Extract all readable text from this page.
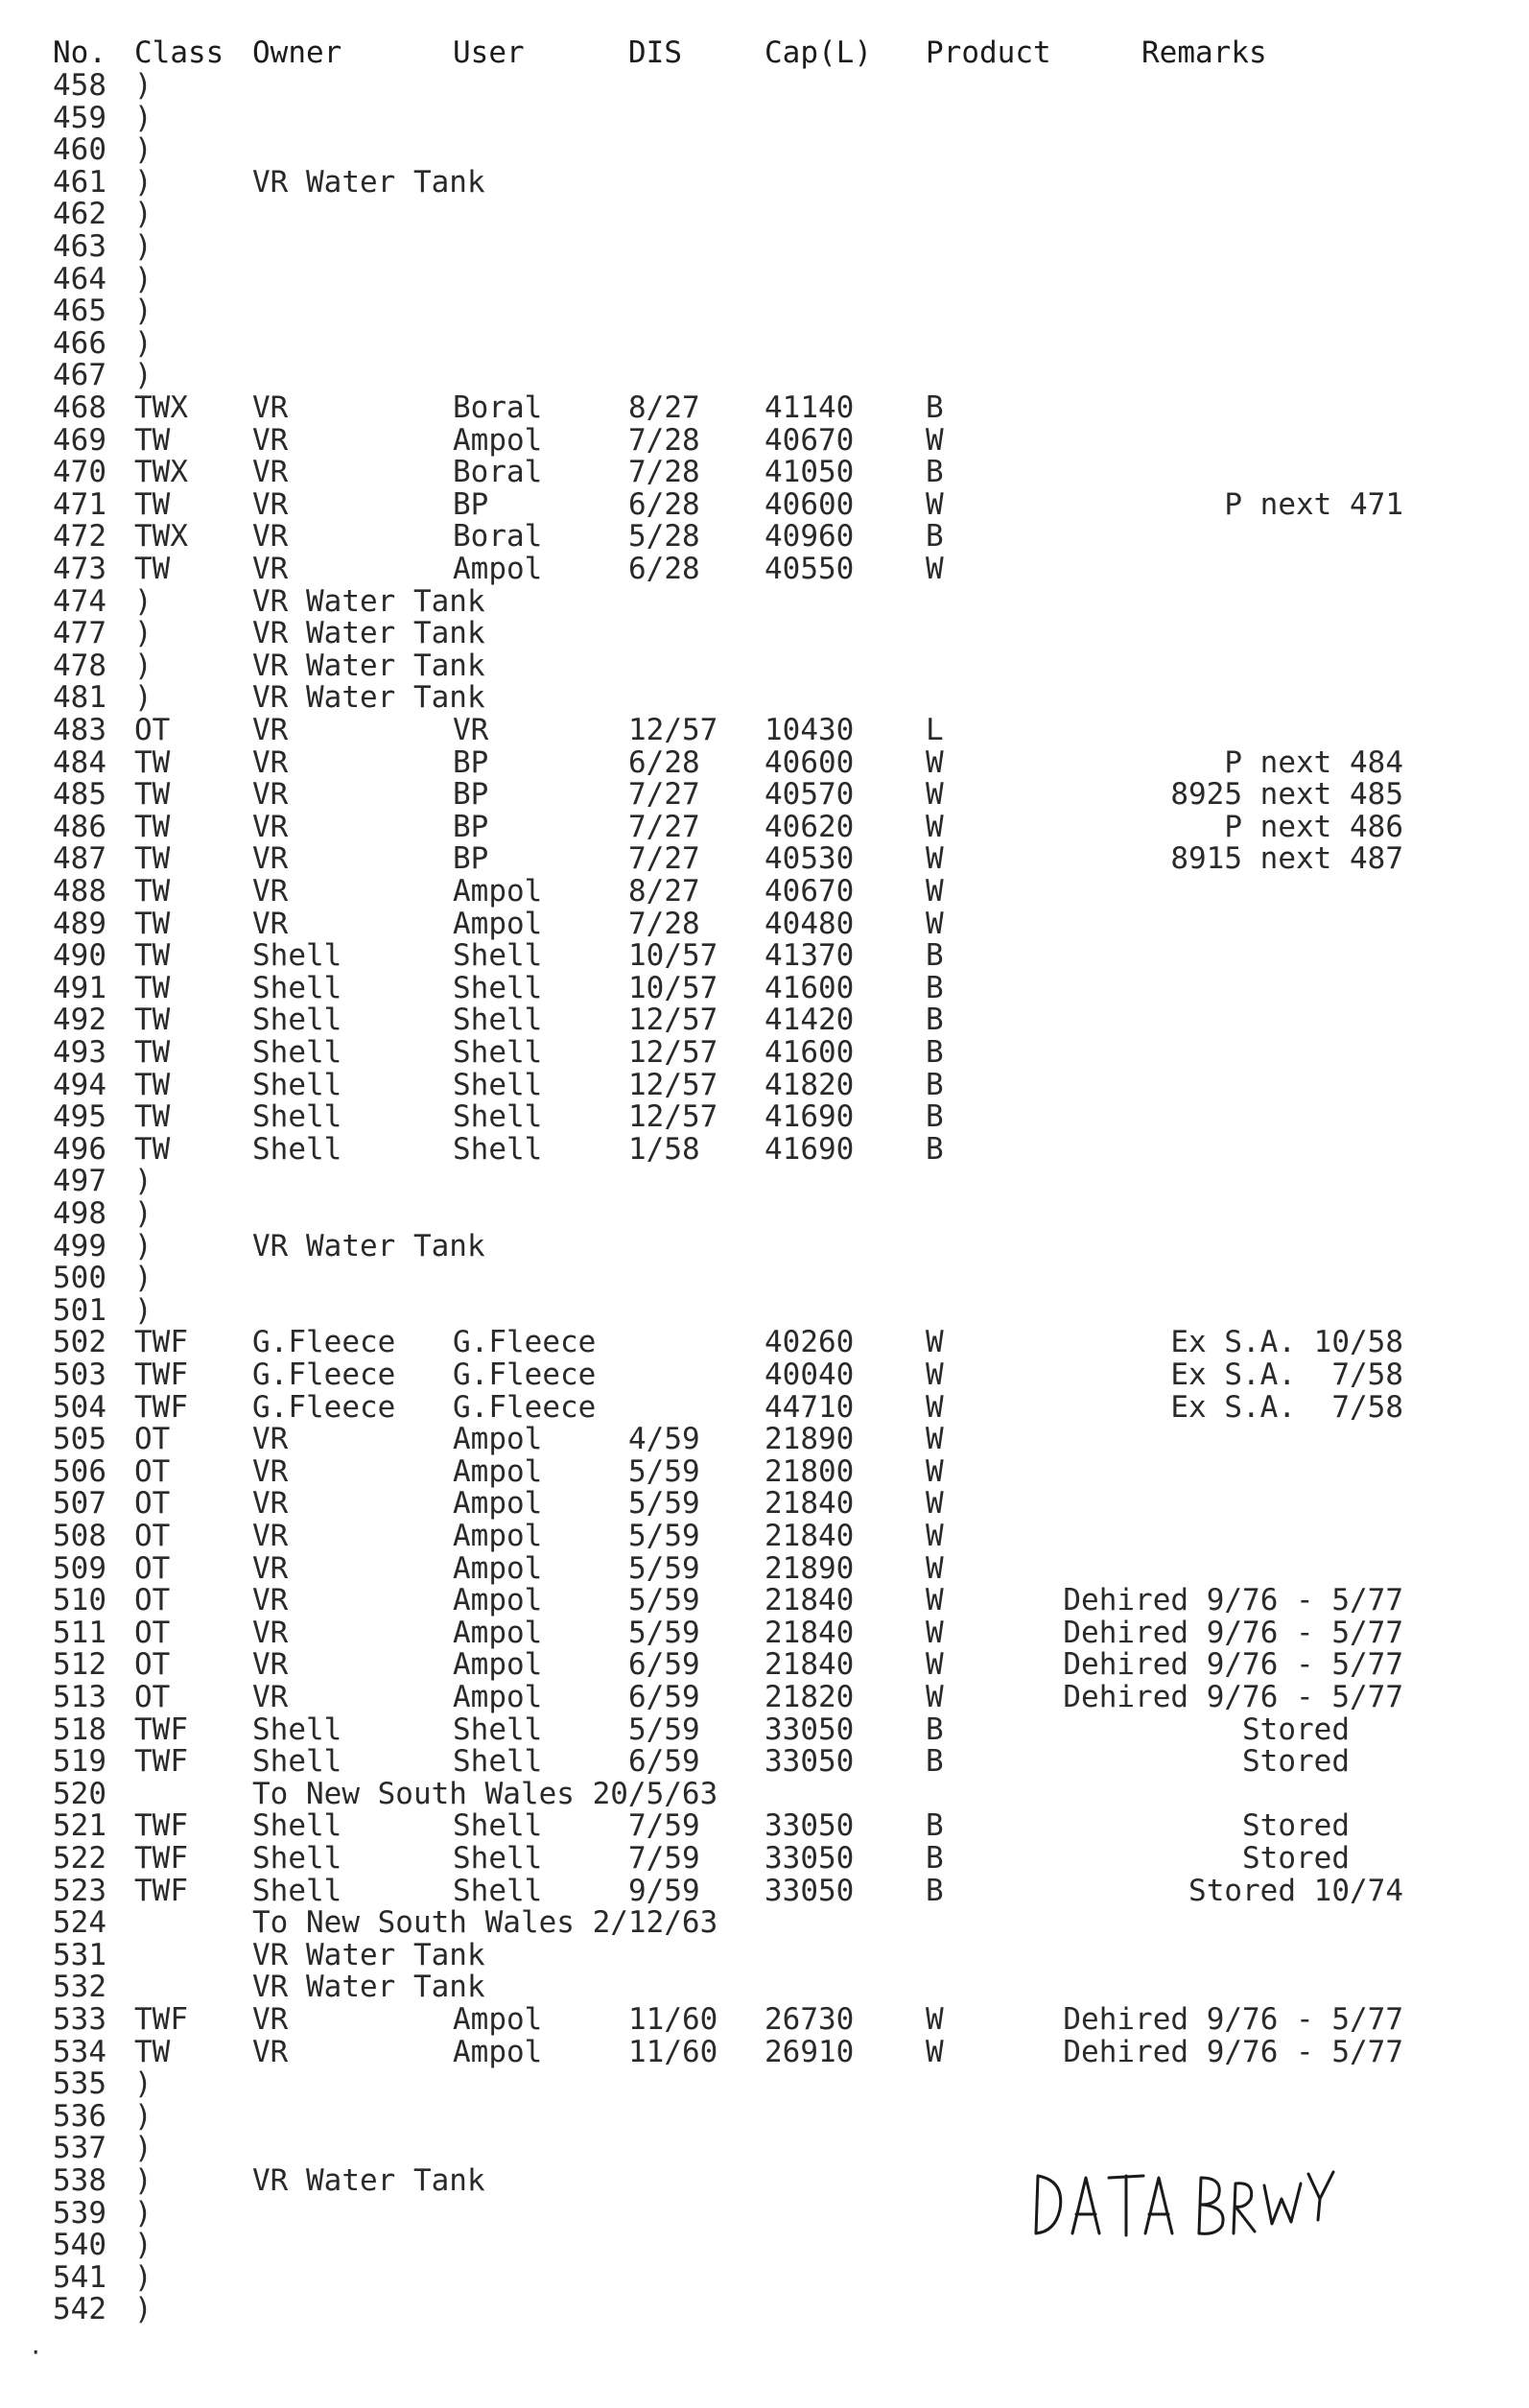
No. Class Owner	User	DIS	Cap(L) Product	Remarks
458 )
459 )
460 )
461 )	VR Water Tank
462 )
463 )
464 )
465 )
466 )
467 )
468 TWX VR	Boral	8/27 41140 B
469 TW	VR	Ampol	7/28 40670 W
470 TWX VR	Boral	7/28 41050 B
471 TW	VR	BP	6/28 40600 W	P next 471
472 TWX VR	Boral	5/28 40960 B
473 TW	VR	Ampol	6/28 40550 W
474 )	VR Water Tank
477 )	VR Water Tank
478 )	VR Water Tank
481 )	VR Water Tank
483 OT	VR	VR	12/57 10430 L
484 TW	VR	BP	6/28 40600 W	P next 484
485 TW	VR	BP	7/27 40570 W	8925 next 485
486 TW	VR	BP	7/27 40620 W	P next 486
487 TW	VR	BP	7/27 40530 W	8915 next 487
488 TW	VR	Ampol	8/27 40670 W
489 TW	VR	Ampol	7/28 40480 W
490 TW	Shell	Shell	10/57 41370 B
491 TW	Shell	Shell	10/57 41600 B
492 TW	Shell	Shell	12/57 41420 B
493 TW	Shell	Shell	12/57 41600 B
494 TW	Shell	Shell	12/57 41820 B
495 TW	Shell	Shell	12/57 41690 B
496 TW	Shell	Shell	1/58 41690 B
497 )
498 )
499 )	VR Water Tank
500 )
501 )
502 TWF G.Fleece G.Fleece	40260 W	Ex S.A. 10/58
503 TWF G.Fleece G.Fleece	40040 W	Ex S.A.  7/58
504 TWF G.Fleece G.Fleece	44710 W	Ex S.A.  7/58
505 OT	VR	Ampol	4/59 21890 W
506 OT	VR	Ampol	5/59 21800 W
507 OT	VR	Ampol	5/59 21840 W
508 OT	VR	Ampol	5/59 21840 W
509 OT	VR	Ampol	5/59 21890 W
510 OT	VR	Ampol	5/59 21840 W	Dehired 9/76 - 5/77
511 OT	VR	Ampol	5/59 21840 W	Dehired 9/76 - 5/77
512 OT	VR	Ampol	6/59 21840 W	Dehired 9/76 - 5/77
513 OT	VR	Ampol	6/59 21820 W	Dehired 9/76 - 5/77
518 TWF Shell	Shell	5/59 33050 B	Stored
519 TWF Shell	Shell	6/59 33050 B	Stored
520	To New South Wales 20/5/63
521 TWF Shell	Shell	7/59 33050 B	Stored
522 TWF Shell	Shell	7/59 33050 B	Stored
523 TWF Shell	Shell	9/59 33050 B	Stored 10/74
524	To New South Wales 2/12/63
531	VR Water Tank
532	VR Water Tank
533 TWF VR	Ampol	11/60 26730 W	Dehired 9/76 - 5/77
534 TW	VR	Ampol	11/60 26910 W	Dehired 9/76 - 5/77
535 )
536 )
537 )
538 )	VR Water Tank
539 )
540 )
541 )
542 )
·
